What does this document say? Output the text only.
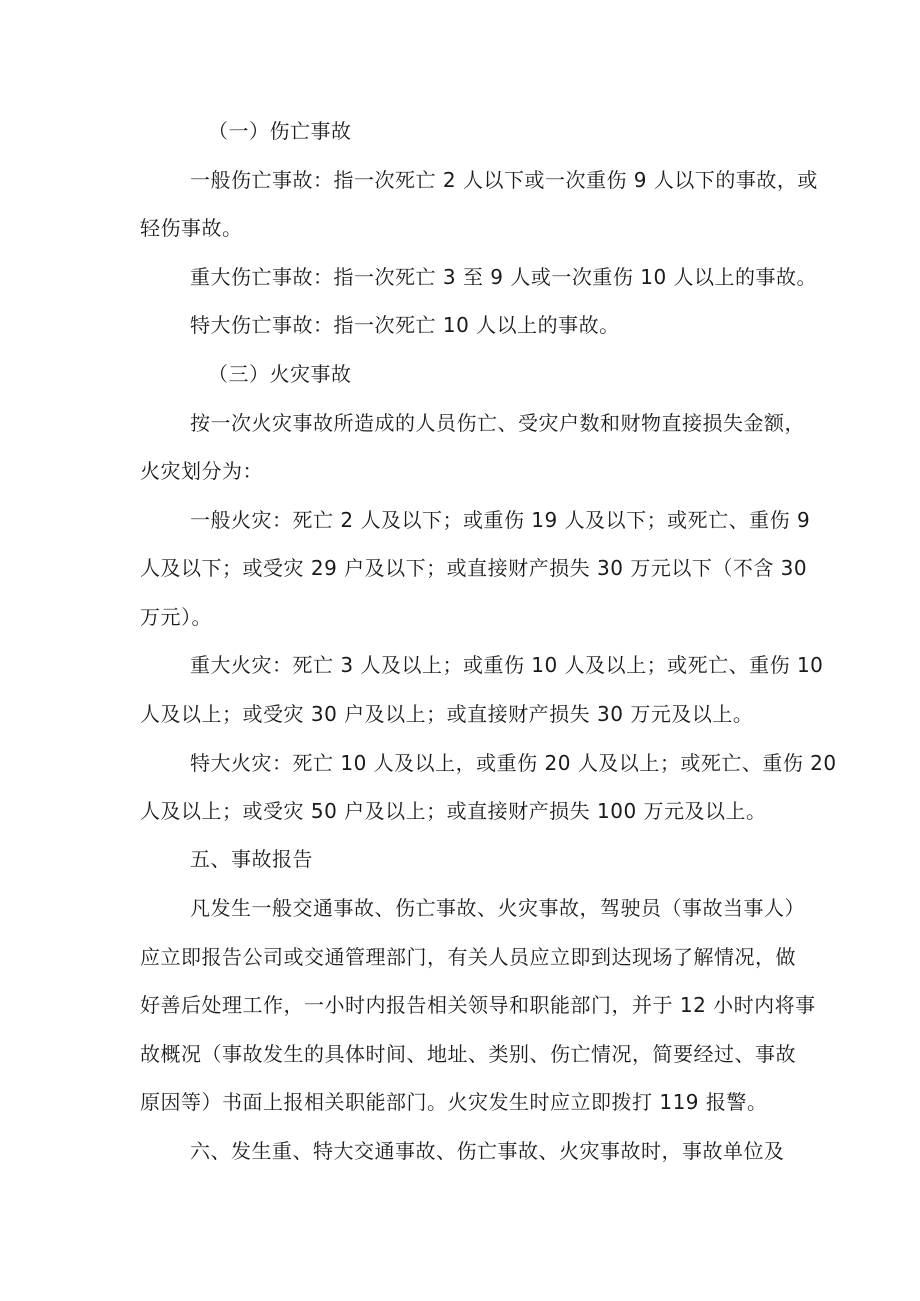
（一）伤亡事故
一般伤亡事故：指一次死亡 2 人以下或一次重伤 9 人以下的事故，或
轻伤事故。
重大伤亡事故：指一次死亡 3 至 9 人或一次重伤 10 人以上的事故。
特大伤亡事故：指一次死亡 10 人以上的事故。
（三）火灾事故
按一次火灾事故所造成的人员伤亡、受灾户数和财物直接损失金额，
火灾划分为：
一般火灾：死亡 2 人及以下；或重伤 19 人及以下；或死亡、重伤 9
人及以下；或受灾 29 户及以下；或直接财产损失 30 万元以下（不含 30
万元）。
重大火灾：死亡 3 人及以上；或重伤 10 人及以上；或死亡、重伤 10
人及以上；或受灾 30 户及以上；或直接财产损失 30 万元及以上。
特大火灾：死亡 10 人及以上，或重伤 20 人及以上；或死亡、重伤 20
人及以上；或受灾 50 户及以上；或直接财产损失 100 万元及以上。
五、事故报告
凡发生一般交通事故、伤亡事故、火灾事故，驾驶员（事故当事人）
应立即报告公司或交通管理部门，有关人员应立即到达现场了解情况，做
好善后处理工作，一小时内报告相关领导和职能部门，并于 12 小时内将事
故概况（事故发生的具体时间、地址、类别、伤亡情况，简要经过、事故
原因等）书面上报相关职能部门。火灾发生时应立即拨打 119 报警。
六、发生重、特大交通事故、伤亡事故、火灾事故时，事故单位及
